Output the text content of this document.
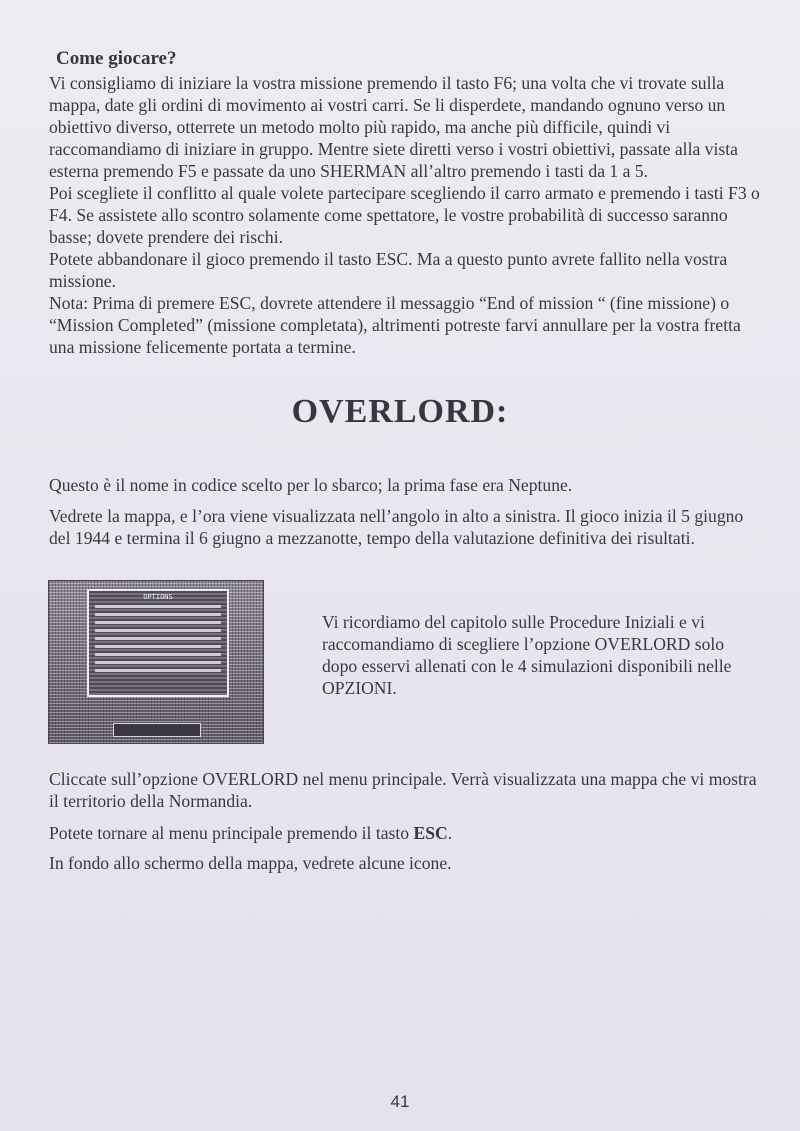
Come giocare?

Vi consigliamo di iniziare la vostra missione premendo il tasto F6; una volta che vi trovate sulla mappa, date gli ordini di movimento ai vostri carri. Se li disperdete, mandando ognuno verso un obiettivo diverso, otterrete un metodo molto più rapido, ma anche più difficile, quindi vi raccomandiamo di iniziare in gruppo. Mentre siete diretti verso i vostri obiettivi, passate alla vista esterna premendo F5 e passate da uno SHERMAN all’altro premendo i tasti da 1 a 5.

Poi scegliete il conflitto al quale volete partecipare scegliendo il carro armato e premendo i tasti F3 o F4. Se assistete allo scontro solamente come spettatore, le vostre probabilità di successo saranno basse; dovete prendere dei rischi.

Potete abbandonare il gioco premendo il tasto ESC. Ma a questo punto avrete fallito nella vostra missione.

Nota: Prima di premere ESC, dovrete attendere il messaggio “End of mission “ (fine missione) o “Mission Completed” (missione completata), altrimenti potreste farvi annullare per la vostra fretta una missione felicemente portata a termine.

OVERLORD:
Questo è il nome in codice scelto per lo sbarco; la prima fase era Neptune.
Vedrete la mappa, e l’ora viene visualizzata nell’angolo in alto a sinistra. Il gioco inizia il 5 giugno del 1944 e termina il 6 giugno a mezzanotte, tempo della valutazione definitiva dei risultati.
OPTIONS
Vi ricordiamo del capitolo sulle Procedure Iniziali e vi raccomandiamo di scegliere l’opzione OVERLORD solo dopo esservi allenati con le 4 simulazioni disponibili nelle OPZIONI.
Cliccate sull’opzione OVERLORD nel menu principale. Verrà visualizzata una mappa che vi mostra il territorio della Normandia.
Potete tornare al menu principale premendo il tasto ESC.
In fondo allo schermo della mappa, vedrete alcune icone.
41
